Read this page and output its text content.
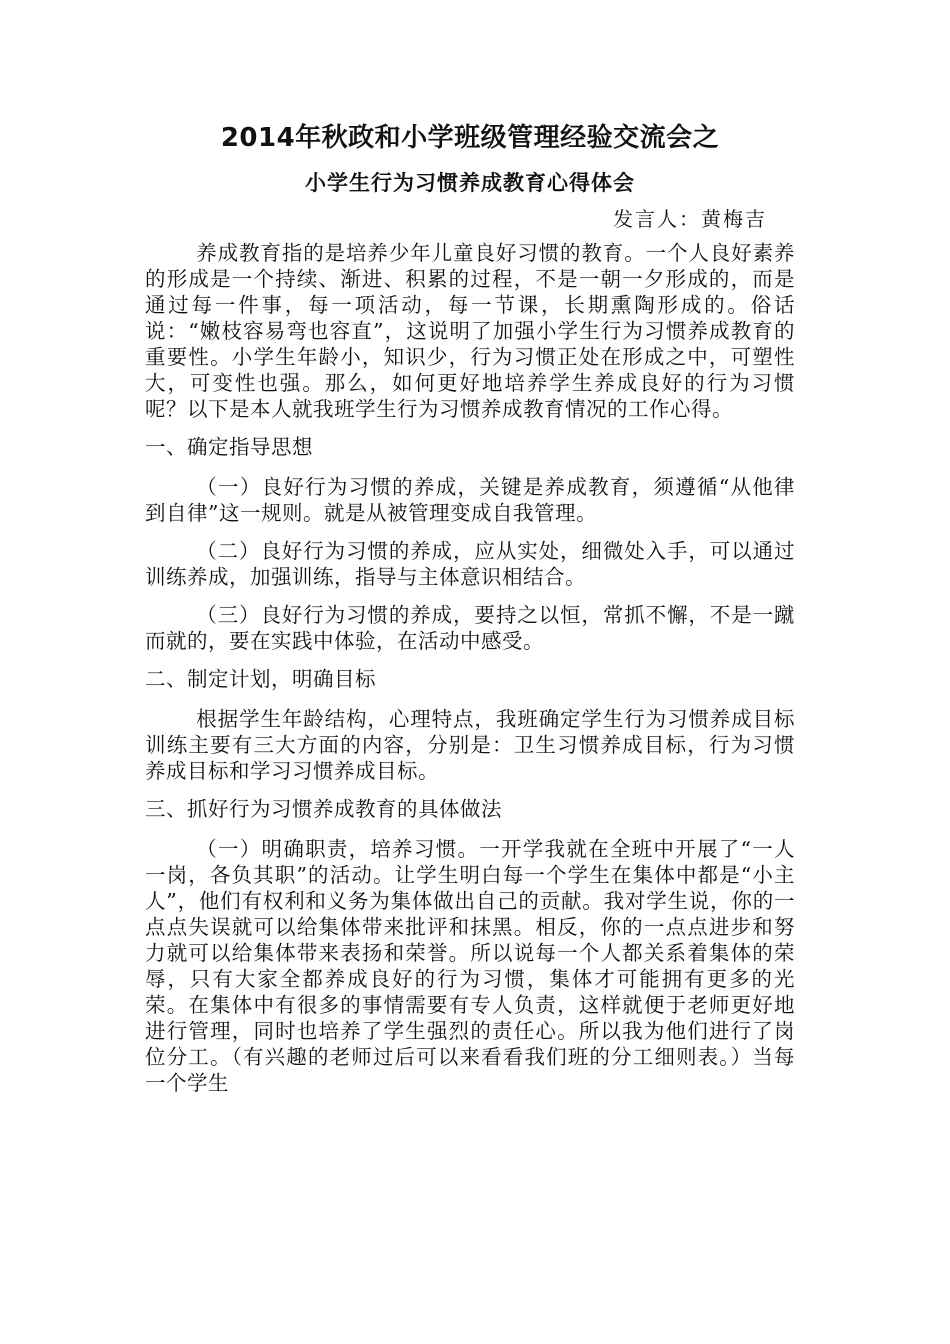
2014年秋政和小学班级管理经验交流会之
小学生行为习惯养成教育心得体会
发言人：黄梅吉

养成教育指的是培养少年儿童良好习惯的教育。一个人良好素养的形成是一个持续、渐进、积累的过程，不是一朝一夕形成的，而是通过每一件事，每一项活动，每一节课，长期熏陶形成的。俗话说：“嫩枝容易弯也容直”，这说明了加强小学生行为习惯养成教育的重要性。小学生年龄小，知识少，行为习惯正处在形成之中，可塑性大，可变性也强。那么，如何更好地培养学生养成良好的行为习惯呢？以下是本人就我班学生行为习惯养成教育情况的工作心得。

一、确定指导思想

（一）良好行为习惯的养成，关键是养成教育，须遵循“从他律到自律”这一规则。就是从被管理变成自我管理。

（二）良好行为习惯的养成，应从实处，细微处入手，可以通过训练养成，加强训练，指导与主体意识相结合。

（三）良好行为习惯的养成，要持之以恒，常抓不懈，不是一蹴而就的，要在实践中体验，在活动中感受。

二、制定计划，明确目标

根据学生年龄结构，心理特点，我班确定学生行为习惯养成目标训练主要有三大方面的内容，分别是：卫生习惯养成目标，行为习惯养成目标和学习习惯养成目标。

三、抓好行为习惯养成教育的具体做法

（一）明确职责，培养习惯。一开学我就在全班中开展了“一人一岗，各负其职”的活动。让学生明白每一个学生在集体中都是“小主人”，他们有权利和义务为集体做出自己的贡献。我对学生说，你的一点点失误就可以给集体带来批评和抹黑。相反，你的一点点进步和努力就可以给集体带来表扬和荣誉。所以说每一个人都关系着集体的荣辱，只有大家全都养成良好的行为习惯，集体才可能拥有更多的光荣。在集体中有很多的事情需要有专人负责，这样就便于老师更好地进行管理，同时也培养了学生强烈的责任心。所以我为他们进行了岗位分工。（有兴趣的老师过后可以来看看我们班的分工细则表。）当每一个学生
